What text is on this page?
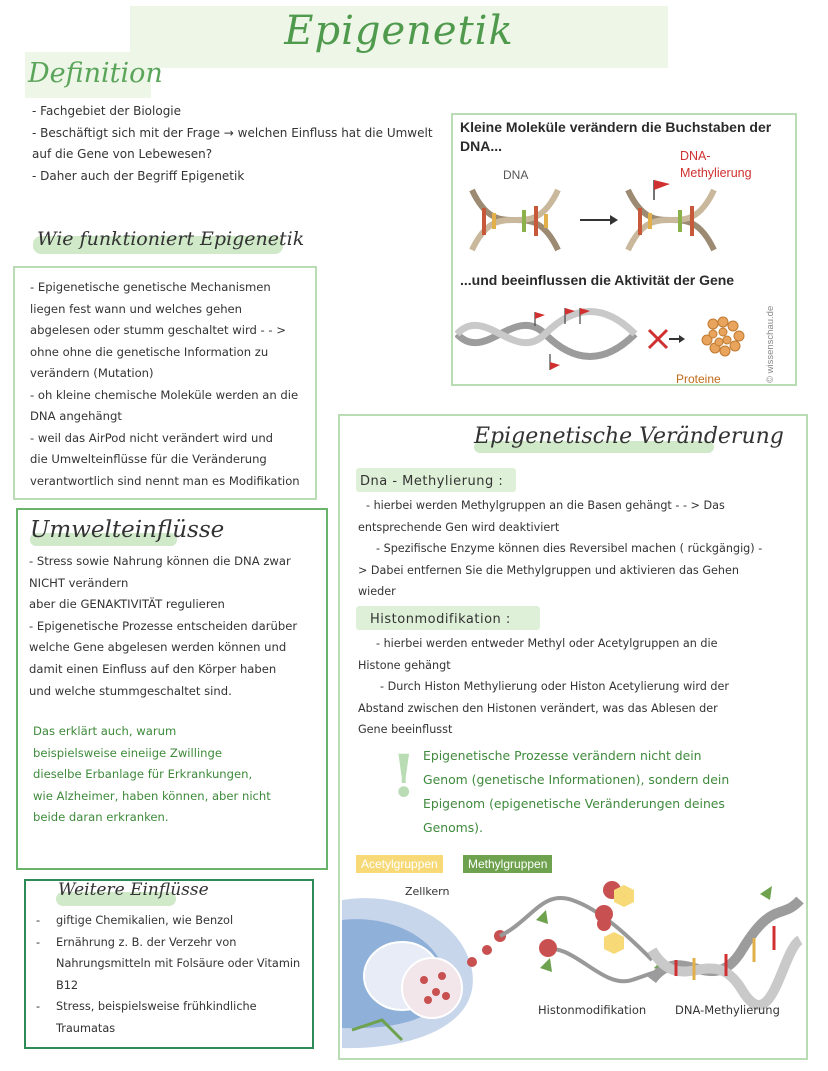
Epigenetik
Definition
- Fachgebiet der Biologie
- Beschäftigt sich mit der Frage → welchen Einfluss hat die Umwelt
auf die Gene von Lebewesen?
- Daher auch der Begriff Epigenetik
Wie funktioniert Epigenetik
- Epigenetische genetische Mechanismen
liegen fest wann und welches gehen
abgelesen oder stumm geschaltet wird - - >
ohne ohne die genetische Information zu
verändern (Mutation)
- oh kleine chemische Moleküle werden an die
DNA angehängt
- weil das AirPod nicht verändert wird und
die Umwelteinflüsse für die Veränderung
verantwortlich sind nennt man es Modifikation
Umwelteinflüsse
- Stress sowie Nahrung können die DNA zwar
NICHT verändern
aber die GENAKTIVITÄT regulieren
- Epigenetische Prozesse entscheiden darüber
welche Gene abgelesen werden können und
damit einen Einfluss auf den Körper haben
und welche stummgeschaltet sind.
Das erklärt auch, warum
beispielsweise eineiige Zwillinge
dieselbe Erbanlage für Erkrankungen,
wie Alzheimer, haben können, aber nicht
beide daran erkranken.
Weitere Einflüsse
- giftige Chemikalien, wie Benzol
- Ernährung z. B. der Verzehr von Nahrungsmitteln mit Folsäure oder Vitamin B12
- Stress, beispielsweise frühkindliche Traumatas
Kleine Moleküle verändern die Buchstaben der DNA...
DNA
DNA-
Methylierung
...und beeinflussen die Aktivität der Gene
Proteine	© wissenschau.de
Epigenetische Veränderung
Dna - Methylierung :
- hierbei werden Methylgruppen an die Basen gehängt - - > Das
entsprechende Gen wird deaktiviert
- Spezifische Enzyme können dies Reversibel machen ( rückgängig) -
> Dabei entfernen Sie die Methylgruppen und aktivieren das Gehen
wieder
Histonmodifikation :
- hierbei werden entweder Methyl oder Acetylgruppen an die
Histone gehängt
- Durch Histon Methylierung oder Histon Acetylierung wird der
Abstand zwischen den Histonen verändert, was das Ablesen der
Gene beeinflusst
! Epigenetische Prozesse verändern nicht dein
Genom (genetische Informationen), sondern dein
Epigenom (epigenetische Veränderungen deines
Genoms).
Acetylgruppen	Methylgruppen
Zellkern
Histonmodifikation	DNA-Methylierung
